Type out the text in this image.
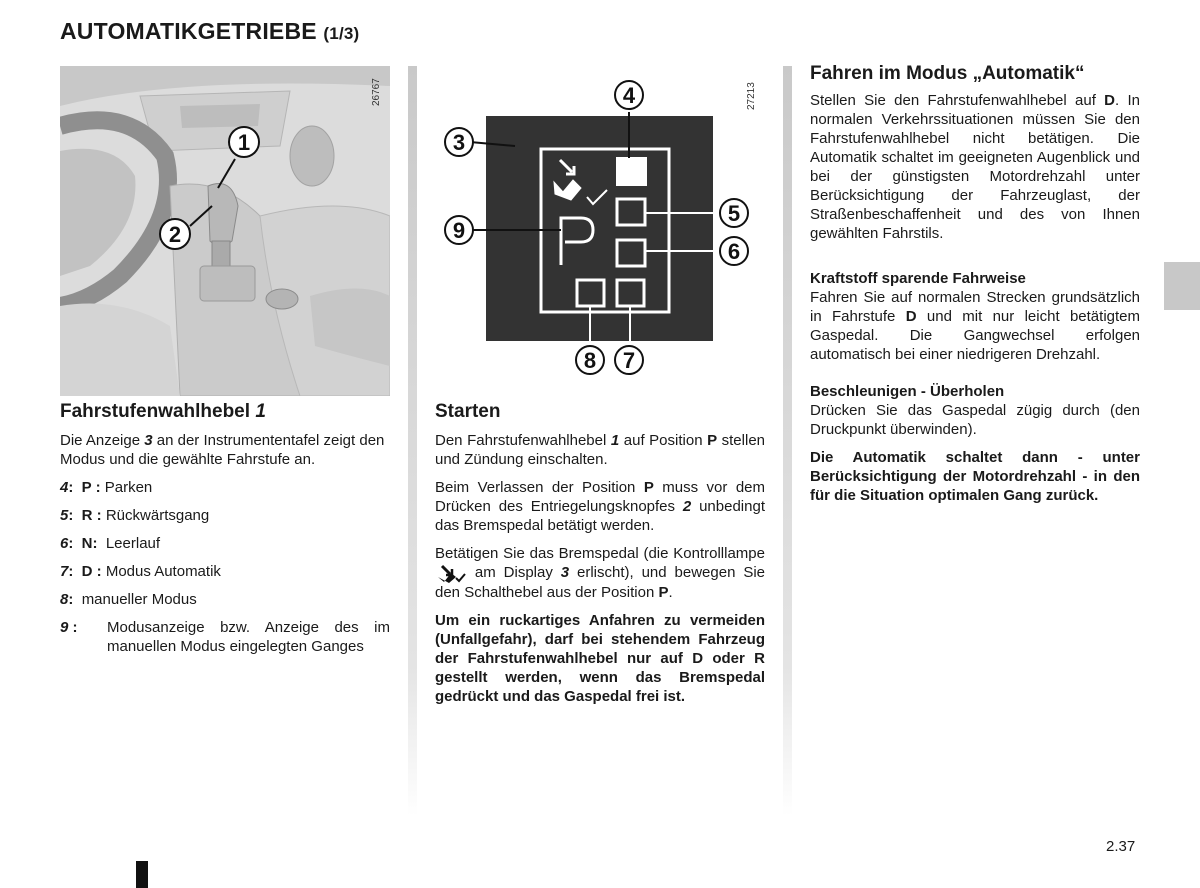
AUTOMATIKGETRIEBE (1/3)
1
2
26767
3
4
5
6
7
8
9
27213
Fahrstufenwahlhebel 1

Die Anzeige 3 an der Instrumententafel zeigt den Modus und die gewählte Fahrstufe an.

4:  P : Parken
5:  R : Rückwärtsgang
6:  N: Leerlauf
7:  D : Modus Automatik
8: manueller Modus
9 : Modusanzeige bzw. Anzeige des im manuellen Modus eingelegten Ganges
Starten

Den Fahrstufenwahlhebel 1 auf Position P stellen und Zündung einschalten.

Beim Verlassen der Position P muss vor dem Drücken des Entriegelungsknopfes 2 unbedingt das Bremspedal betätigt werden.

Betätigen Sie das Bremspedal (die Kontrolllampe  am Display 3 erlischt), und bewegen Sie den Schalthebel aus der Position P.

Um ein ruckartiges Anfahren zu vermeiden (Unfallgefahr), darf bei stehendem Fahrzeug der Fahrstufenwahlhebel nur auf D oder R gestellt werden, wenn das Bremspedal gedrückt und das Gaspedal frei ist.

Fahren im Modus „Automatik“

Stellen Sie den Fahrstufenwahlhebel auf D. In normalen Verkehrssituationen müssen Sie den Fahrstufenwahlhebel nicht betätigen. Die Automatik schaltet im geeigneten Augenblick und bei der günstigsten Motordrehzahl unter Berücksichtigung der Fahrzeuglast, der Straßenbeschaffenheit und des von Ihnen gewählten Fahrstils.

Kraftstoff sparende Fahrweise

Fahren Sie auf normalen Strecken grundsätzlich in Fahrstufe D und mit nur leicht betätigtem Gaspedal. Die Gangwechsel erfolgen automatisch bei einer niedrigeren Drehzahl.

Beschleunigen - Überholen

Drücken Sie das Gaspedal zügig durch (den Druckpunkt überwinden).

Die Automatik schaltet dann - unter Berücksichtigung der Motordrehzahl - in den für die Situation optimalen Gang zurück.

2.37
